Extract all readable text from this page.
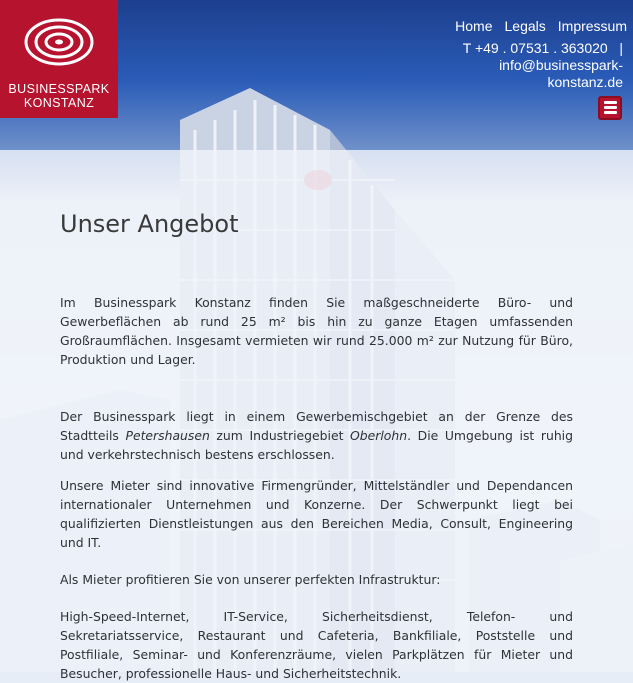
BUSINESSPARK
KONSTANZ
Home Legals Impressum
T +49 . 07531 . 363020 |
info@businesspark-
konstanz.de
Unser Angebot

Im Businesspark Konstanz finden Sie maßgeschneiderte Büro- und Gewerbeflächen ab rund 25 m² bis hin zu ganze Etagen umfassenden Großraumflächen. Insgesamt vermieten wir rund 25.000 m² zur Nutzung für Büro, Produktion und Lager.

Der Businesspark liegt in einem Gewerbemischgebiet an der Grenze des Stadtteils Petershausen zum Industriegebiet Oberlohn. Die Umgebung ist ruhig und verkehrstechnisch bestens erschlossen.

Unsere Mieter sind innovative Firmengründer, Mittelständler und Dependancen internationaler Unternehmen und Konzerne. Der Schwerpunkt liegt bei qualifizierten Dienstleistungen aus den Bereichen Media, Consult, Engineering und IT.

Als Mieter profitieren Sie von unserer perfekten Infrastruktur:

High-Speed-Internet, IT-Service, Sicherheitsdienst, Telefon- und Sekretariatsservice, Restaurant und Cafeteria, Bankfiliale, Poststelle und Postfiliale, Seminar- und Konferenzräume, vielen Parkplätzen für Mieter und Besucher, professionelle Haus- und Sicherheitstechnik.
